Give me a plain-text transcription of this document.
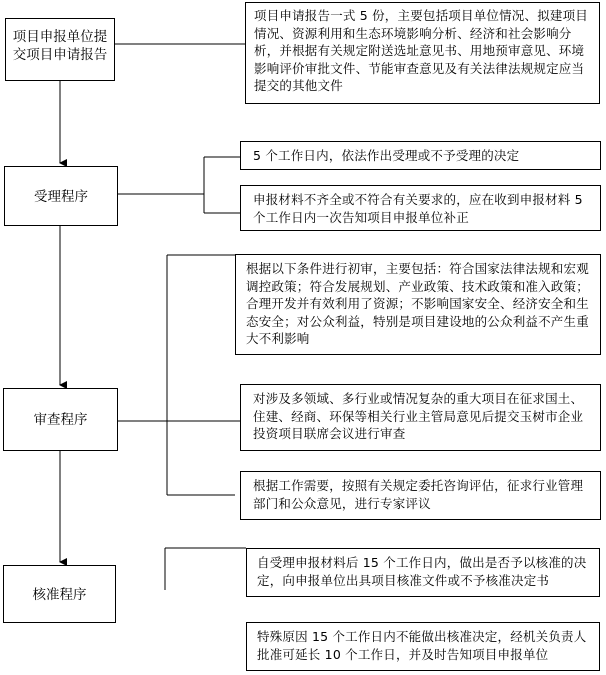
项目申报单位提交项目申请报告
受理程序
审查程序
核准程序
项目申请报告一式 5 份，主要包括项目单位情况、拟建项目情况、资源利用和生态环境影响分析、经济和社会影响分析，并根据有关规定附送选址意见书、用地预审意见、环境影响评价审批文件、节能审查意见及有关法律法规规定应当提交的其他文件
5 个工作日内，依法作出受理或不予受理的决定
申报材料不齐全或不符合有关要求的，应在收到申报材料 5 个工作日内一次告知项目申报单位补正
根据以下条件进行初审，主要包括：符合国家法律法规和宏观调控政策；符合发展规划、产业政策、技术政策和准入政策；合理开发并有效利用了资源；不影响国家安全、经济安全和生态安全；对公众利益，特别是项目建设地的公众利益不产生重大不利影响
对涉及多领域、多行业或情况复杂的重大项目在征求国土、住建、经商、环保等相关行业主管局意见后提交玉树市企业投资项目联席会议进行审查
根据工作需要，按照有关规定委托咨询评估，征求行业管理部门和公众意见，进行专家评议
自受理申报材料后 15 个工作日内，做出是否予以核准的决定，向申报单位出具项目核准文件或不予核准决定书
特殊原因 15 个工作日内不能做出核准决定，经机关负责人批准可延长 10 个工作日，并及时告知项目申报单位
